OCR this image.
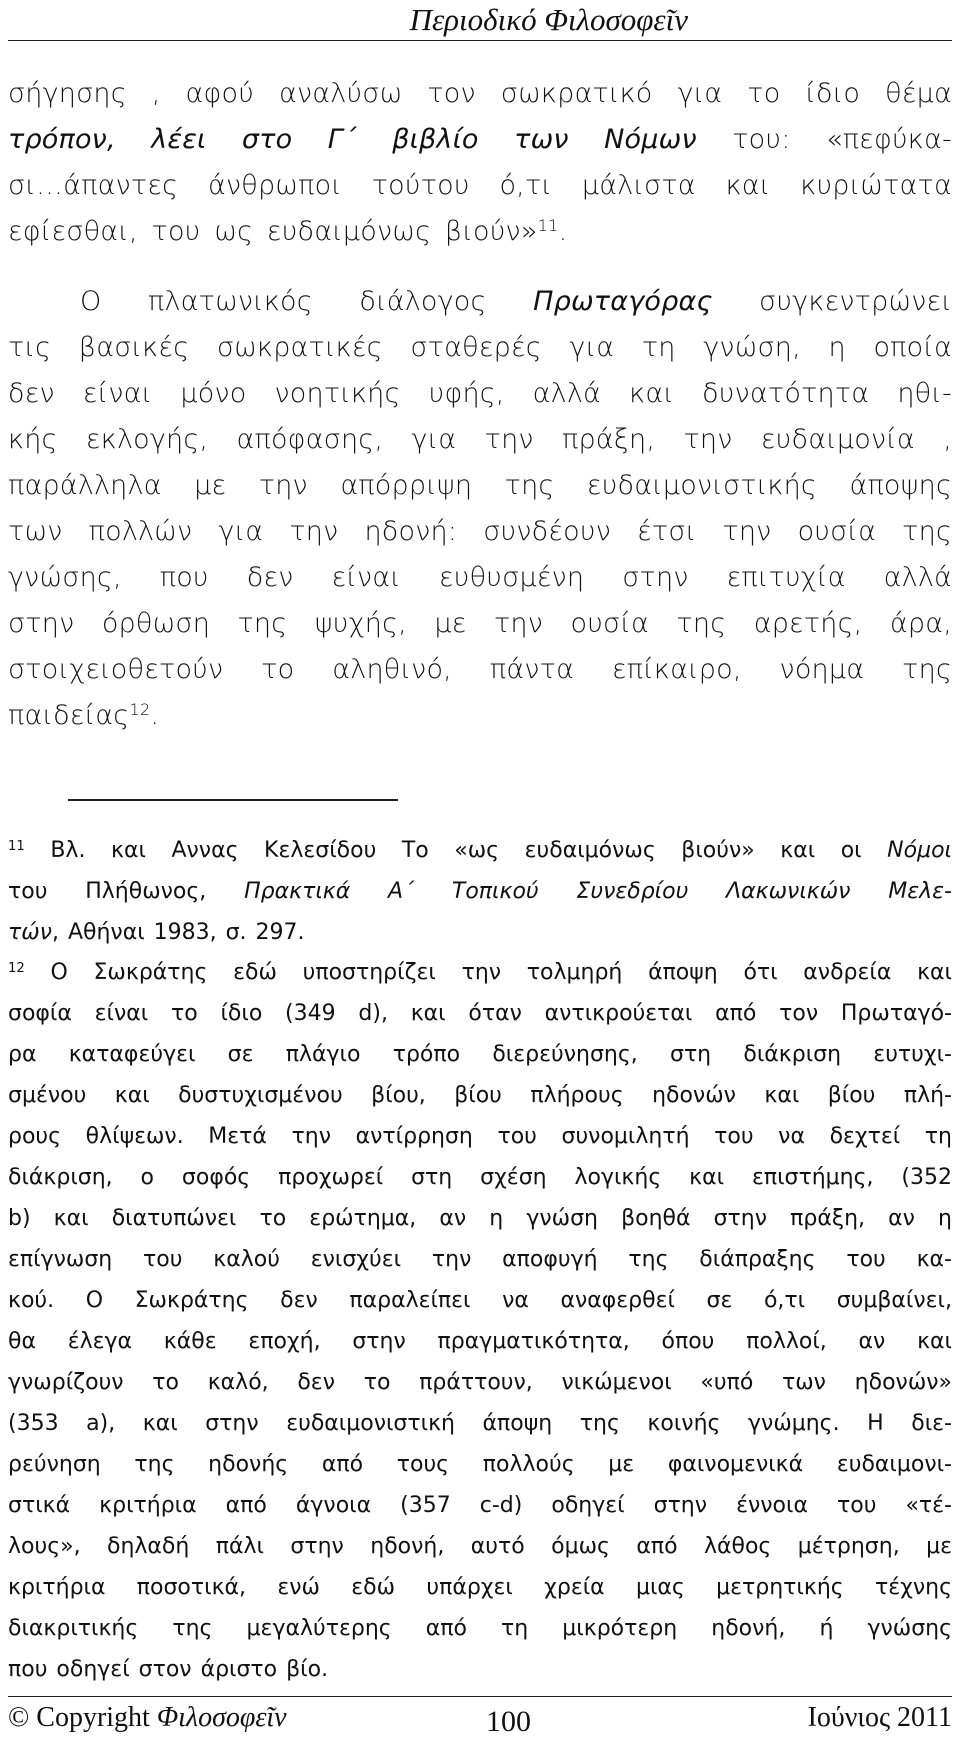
Περιοδικό Φιλοσοφεῖν
σήγησης , αφού αναλύσω τον σωκρατικό για το ίδιο θέμα
τρόπον, λέει στο Γ΄ βιβλίο των Νόμων του: «πεφύκα-
σι…άπαντες άνθρωποι τούτου ό,τι μάλιστα και κυριώτατα
εφίεσθαι, του ως ευδαιμόνως βιούν»$^{11}$.
Ο πλατωνικός διάλογος Πρωταγόρας συγκεντρώνει
τις βασικές σωκρατικές σταθερές για τη γνώση, η οποία
δεν είναι μόνο νοητικής υφής, αλλά και δυνατότητα ηθι-
κής εκλογής, απόφασης, για την πράξη, την ευδαιμονία ,
παράλληλα με την απόρριψη της ευδαιμονιστικής άποψης
των πολλών για την ηδονή: συνδέουν έτσι την ουσία της
γνώσης, που δεν είναι ευθυσμένη στην επιτυχία αλλά
στην όρθωση της ψυχής, με την ουσία της αρετής, άρα,
στοιχειοθετούν το αληθινό, πάντα επίκαιρο, νόημα της
παιδείας$^{12}$.
$^{11}$ Βλ. και Αννας Κελεσίδου Το «ως ευδαιμόνως βιούν» και οι Νόμοι
του Πλήθωνος, Πρακτικά Α΄ Τοπικού Συνεδρίου Λακωνικών Μελε-
τών, Αθήναι 1983, σ. 297.
$^{12}$ Ο Σωκράτης εδώ υποστηρίζει την τολμηρή άποψη ότι ανδρεία και
σοφία είναι το ίδιο (349 d), και όταν αντικρούεται από τον Πρωταγό-
ρα καταφεύγει σε πλάγιο τρόπο διερεύνησης, στη διάκριση ευτυχι-
σμένου και δυστυχισμένου βίου, βίου πλήρους ηδονών και βίου πλή-
ρους θλίψεων. Μετά την αντίρρηση του συνομιλητή του να δεχτεί τη
διάκριση, ο σοφός προχωρεί στη σχέση λογικής και επιστήμης, (352
b) και διατυπώνει το ερώτημα, αν η γνώση βοηθά στην πράξη, αν η
επίγνωση του καλού ενισχύει την αποφυγή της διάπραξης του κα-
κού. Ο Σωκράτης δεν παραλείπει να αναφερθεί σε ό,τι συμβαίνει,
θα έλεγα κάθε εποχή, στην πραγματικότητα, όπου πολλοί, αν και
γνωρίζουν το καλό, δεν το πράττουν, νικώμενοι «υπό των ηδονών»
(353 a), και στην ευδαιμονιστική άποψη της κοινής γνώμης. Η διε-
ρεύνηση της ηδονής από τους πολλούς με φαινομενικά ευδαιμονι-
στικά κριτήρια από άγνοια (357 c-d) οδηγεί στην έννοια του «τέ-
λους», δηλαδή πάλι στην ηδονή, αυτό όμως από λάθος μέτρηση, με
κριτήρια ποσοτικά, ενώ εδώ υπάρχει χρεία μιας μετρητικής τέχνης
διακριτικής της μεγαλύτερης από τη μικρότερη ηδονή, ή γνώσης
που οδηγεί στον άριστο βίο.
© Copyright Φιλοσοφεῖν	100	Ιούνιος 2011
